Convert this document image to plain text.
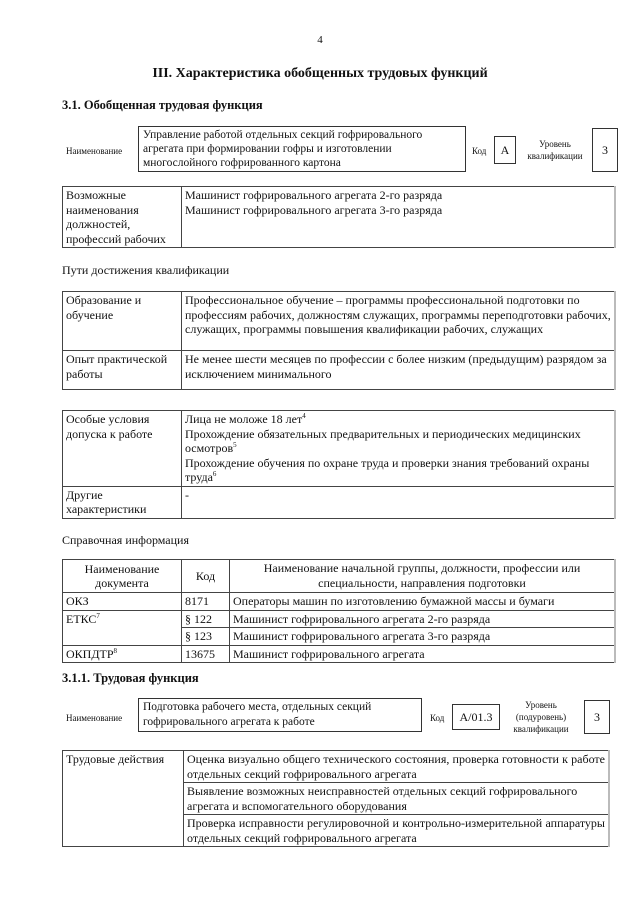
4
III. Характеристика обобщенных трудовых функций
3.1. Обобщенная трудовая функция
Наименование
Управление работой отдельных секций гофрировального агрегата при формировании гофры и изготовлении многослойного гофрированного картона
Код	А	Уровень квалификации	3
Возможные наименования должностей, профессий рабочих	
Машинист гофрировального агрегата 2-го разряда
Машинист гофрировального агрегата 3-го разряда
Пути достижения квалификации
Образование и обучение	Профессиональное обучение – программы профессиональной подготовки по профессиям рабочих, должностям служащих, программы переподготовки рабочих, служащих, программы повышения квалификации рабочих, служащих
Опыт практической работы	Не менее шести месяцев по профессии с более низким (предыдущим) разрядом за исключением минимального
Особые условия допуска к работе	Лица не моложе 18 лет$^4$
Прохождение обязательных предварительных и периодических медицинских осмотров$^5$
Прохождение обучения по охране труда и проверки знания требований охраны труда$^6$

Другие характеристики	-
Справочная информация
Наименование документа	Код	Наименование начальной группы, должности, профессии или специальности, направления подготовки
ОКЗ	8171	Операторы машин по изготовлению бумажной массы и бумаги
ЕТКС$^7$	§ 122	Машинист гофрировального агрегата 2-го разряда
	§ 123	Машинист гофрировального агрегата 3-го разряда
ОКПДТР$^8$	13675	Машинист гофрировального агрегата
3.1.1. Трудовая функция
Наименование
Подготовка рабочего места, отдельных секций гофрировального агрегата к работе	Код	A/01.3
Уровень (подуровень) квалификации
3
Трудовые действия	Оценка визуально общего технического состояния, проверка готовности к работе отдельных секций гофрировального агрегата
Выявление возможных неисправностей отдельных секций гофрировального агрегата и вспомогательного оборудования
Проверка исправности регулировочной и контрольно-измерительной аппаратуры отдельных секций гофрировального агрегата
